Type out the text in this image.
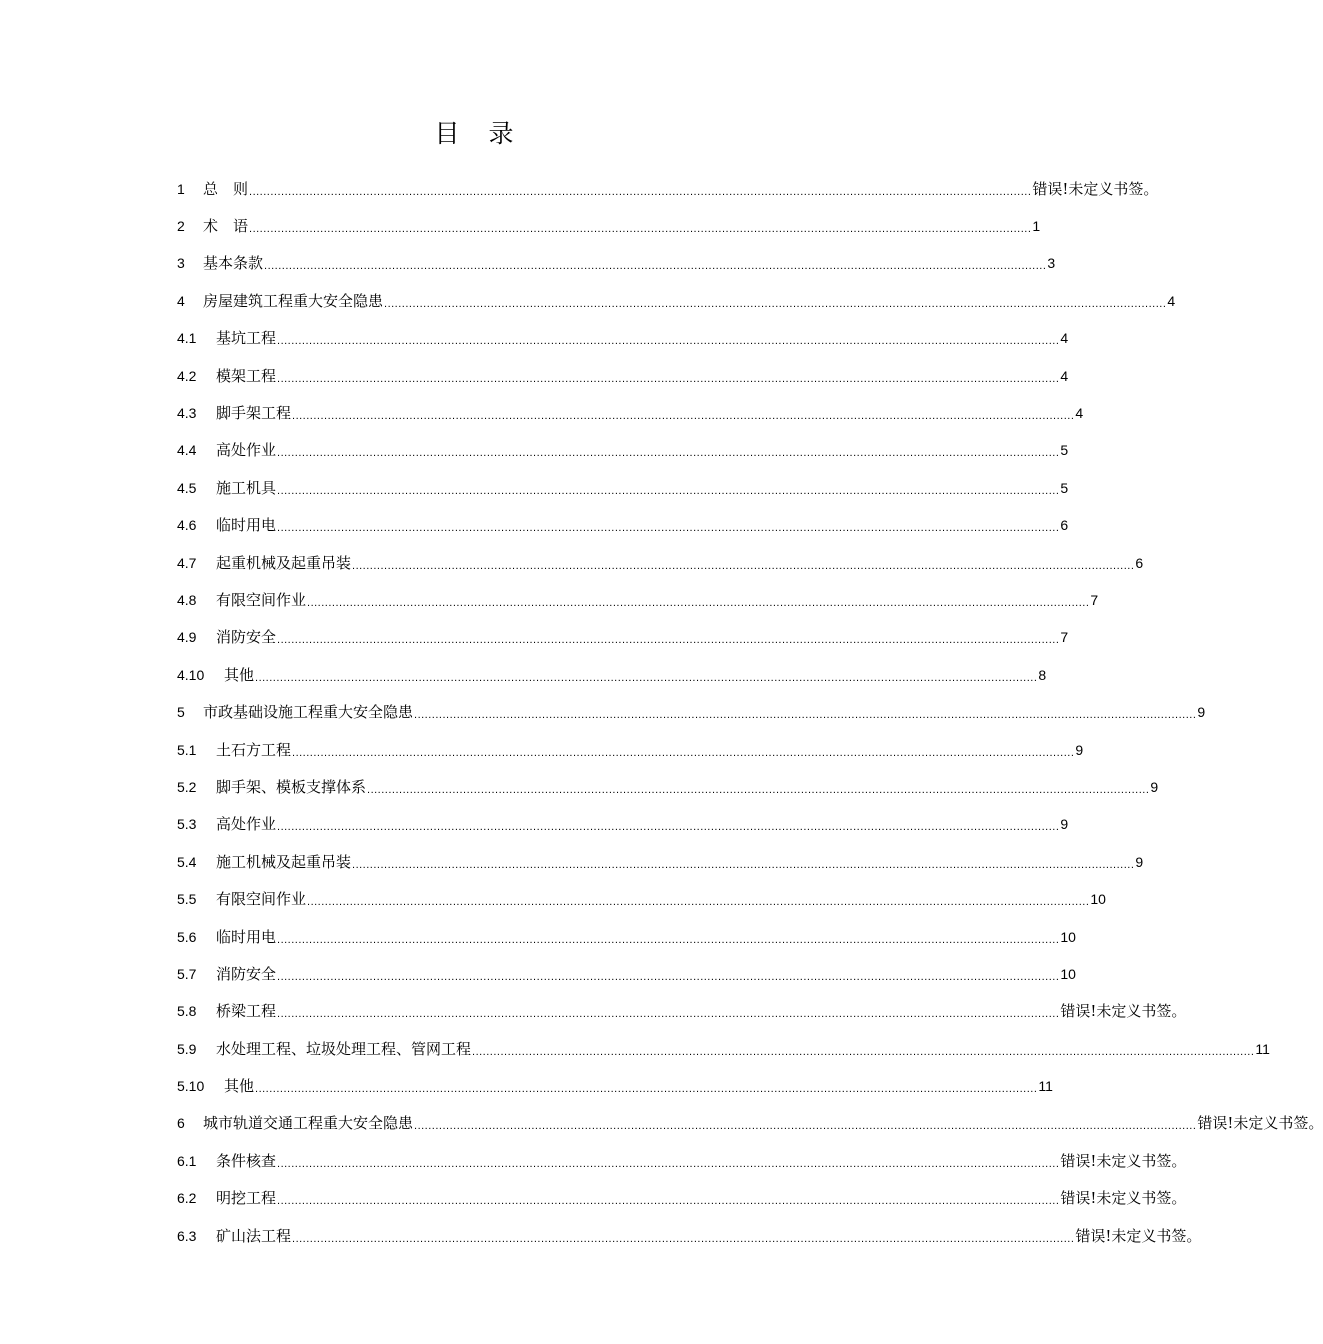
目　录
1	总　则 ............................................................................................................................................................................................................................ 错误!未定义书签。
2	术　语 ............................................................................................................................................................................................................................ 1
3	基本条款 ............................................................................................................................................................................................................................ 3
4	房屋建筑工程重大安全隐患 ............................................................................................................................................................................................................................ 4
4.1	基坑工程 ............................................................................................................................................................................................................................ 4
4.2	模架工程 ............................................................................................................................................................................................................................ 4
4.3	脚手架工程 ............................................................................................................................................................................................................................ 4
4.4	高处作业 ............................................................................................................................................................................................................................ 5
4.5	施工机具 ............................................................................................................................................................................................................................ 5
4.6	临时用电 ............................................................................................................................................................................................................................ 6
4.7	起重机械及起重吊装 ............................................................................................................................................................................................................................ 6
4.8	有限空间作业 ............................................................................................................................................................................................................................ 7
4.9	消防安全 ............................................................................................................................................................................................................................ 7
4.10	其他 ............................................................................................................................................................................................................................ 8
5	市政基础设施工程重大安全隐患 ............................................................................................................................................................................................................................ 9
5.1	土石方工程 ............................................................................................................................................................................................................................ 9
5.2	脚手架、模板支撑体系 ............................................................................................................................................................................................................................ 9
5.3	高处作业 ............................................................................................................................................................................................................................ 9
5.4	施工机械及起重吊装 ............................................................................................................................................................................................................................ 9
5.5	有限空间作业 ............................................................................................................................................................................................................................ 10
5.6	临时用电 ............................................................................................................................................................................................................................ 10
5.7	消防安全 ............................................................................................................................................................................................................................ 10
5.8	桥梁工程 ............................................................................................................................................................................................................................ 错误!未定义书签。
5.9	水处理工程、垃圾处理工程、管网工程 ............................................................................................................................................................................................................................ 11
5.10	其他 ............................................................................................................................................................................................................................ 11
6	城市轨道交通工程重大安全隐患 ............................................................................................................................................................................................................................ 错误!未定义书签。
6.1	条件核查 ............................................................................................................................................................................................................................ 错误!未定义书签。
6.2	明挖工程 ............................................................................................................................................................................................................................ 错误!未定义书签。
6.3	矿山法工程 ............................................................................................................................................................................................................................ 错误!未定义书签。
